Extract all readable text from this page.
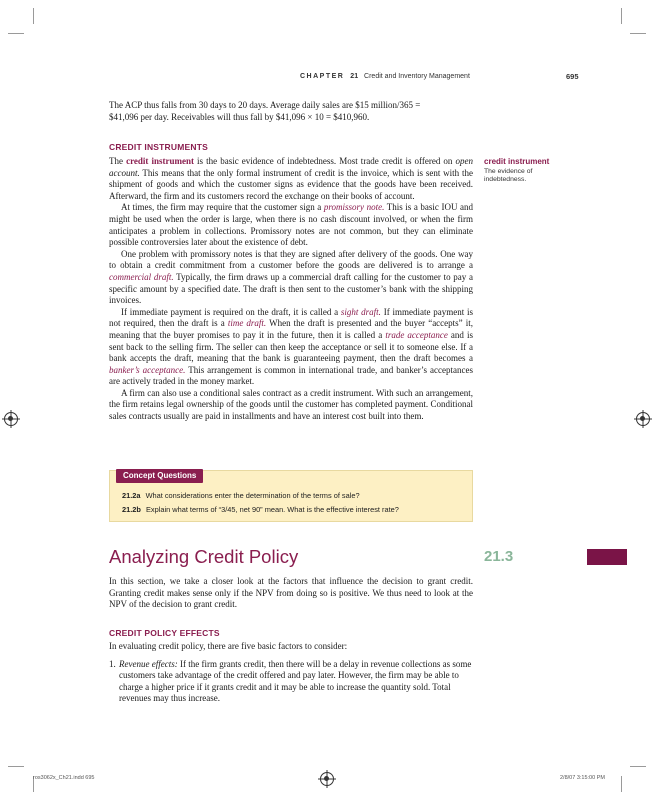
CHAPTER 21 Credit and Inventory Management	695

The ACP thus falls from 30 days to 20 days. Average daily sales are $15 million/365 =
$41,096 per day. Receivables will thus fall by $41,096 × 10 = $410,960.

CREDIT INSTRUMENTS

The credit instrument is the basic evidence of indebtedness. Most trade credit is offered on open account. This means that the only formal instrument of credit is the invoice, which is sent with the shipment of goods and which the customer signs as evidence that the goods have been received. Afterward, the firm and its customers record the exchange on their books of account.

At times, the firm may require that the customer sign a promissory note. This is a basic IOU and might be used when the order is large, when there is no cash discount involved, or when the firm anticipates a problem in collections. Promissory notes are not common, but they can eliminate possible controversies later about the existence of debt.

One problem with promissory notes is that they are signed after delivery of the goods. One way to obtain a credit commitment from a customer before the goods are delivered is to arrange a commercial draft. Typically, the firm draws up a commercial draft calling for the customer to pay a specific amount by a specified date. The draft is then sent to the customer’s bank with the shipping invoices.

If immediate payment is required on the draft, it is called a sight draft. If immediate payment is not required, then the draft is a time draft. When the draft is presented and the buyer “accepts” it, meaning that the buyer promises to pay it in the future, then it is called a trade acceptance and is sent back to the selling firm. The seller can then keep the acceptance or sell it to someone else. If a bank accepts the draft, meaning that the bank is guaranteeing payment, then the draft becomes a banker’s acceptance. This arrangement is common in international trade, and banker’s acceptances are actively traded in the money market.

A firm can also use a conditional sales contract as a credit instrument. With such an arrangement, the firm retains legal ownership of the goods until the customer has completed payment. Conditional sales contracts usually are paid in installments and have an interest cost built into them.

credit instrument
The evidence of indebtedness.
Concept Questions
21.2a What considerations enter the determination of the terms of sale?
21.2b Explain what terms of “3/45, net 90” mean. What is the effective interest rate?
Analyzing Credit Policy	21.3

In this section, we take a closer look at the factors that influence the decision to grant credit. Granting credit makes sense only if the NPV from doing so is positive. We thus need to look at the NPV of the decision to grant credit.

CREDIT POLICY EFFECTS

In evaluating credit policy, there are five basic factors to consider:

1. Revenue effects: If the firm grants credit, then there will be a delay in revenue collections as some customers take advantage of the credit offered and pay later. However, the firm may be able to charge a higher price if it grants credit and it may be able to increase the quantity sold. Total revenues may thus increase.

ros3062x_Ch21.indd 695	2/8/07 3:15:00 PM
